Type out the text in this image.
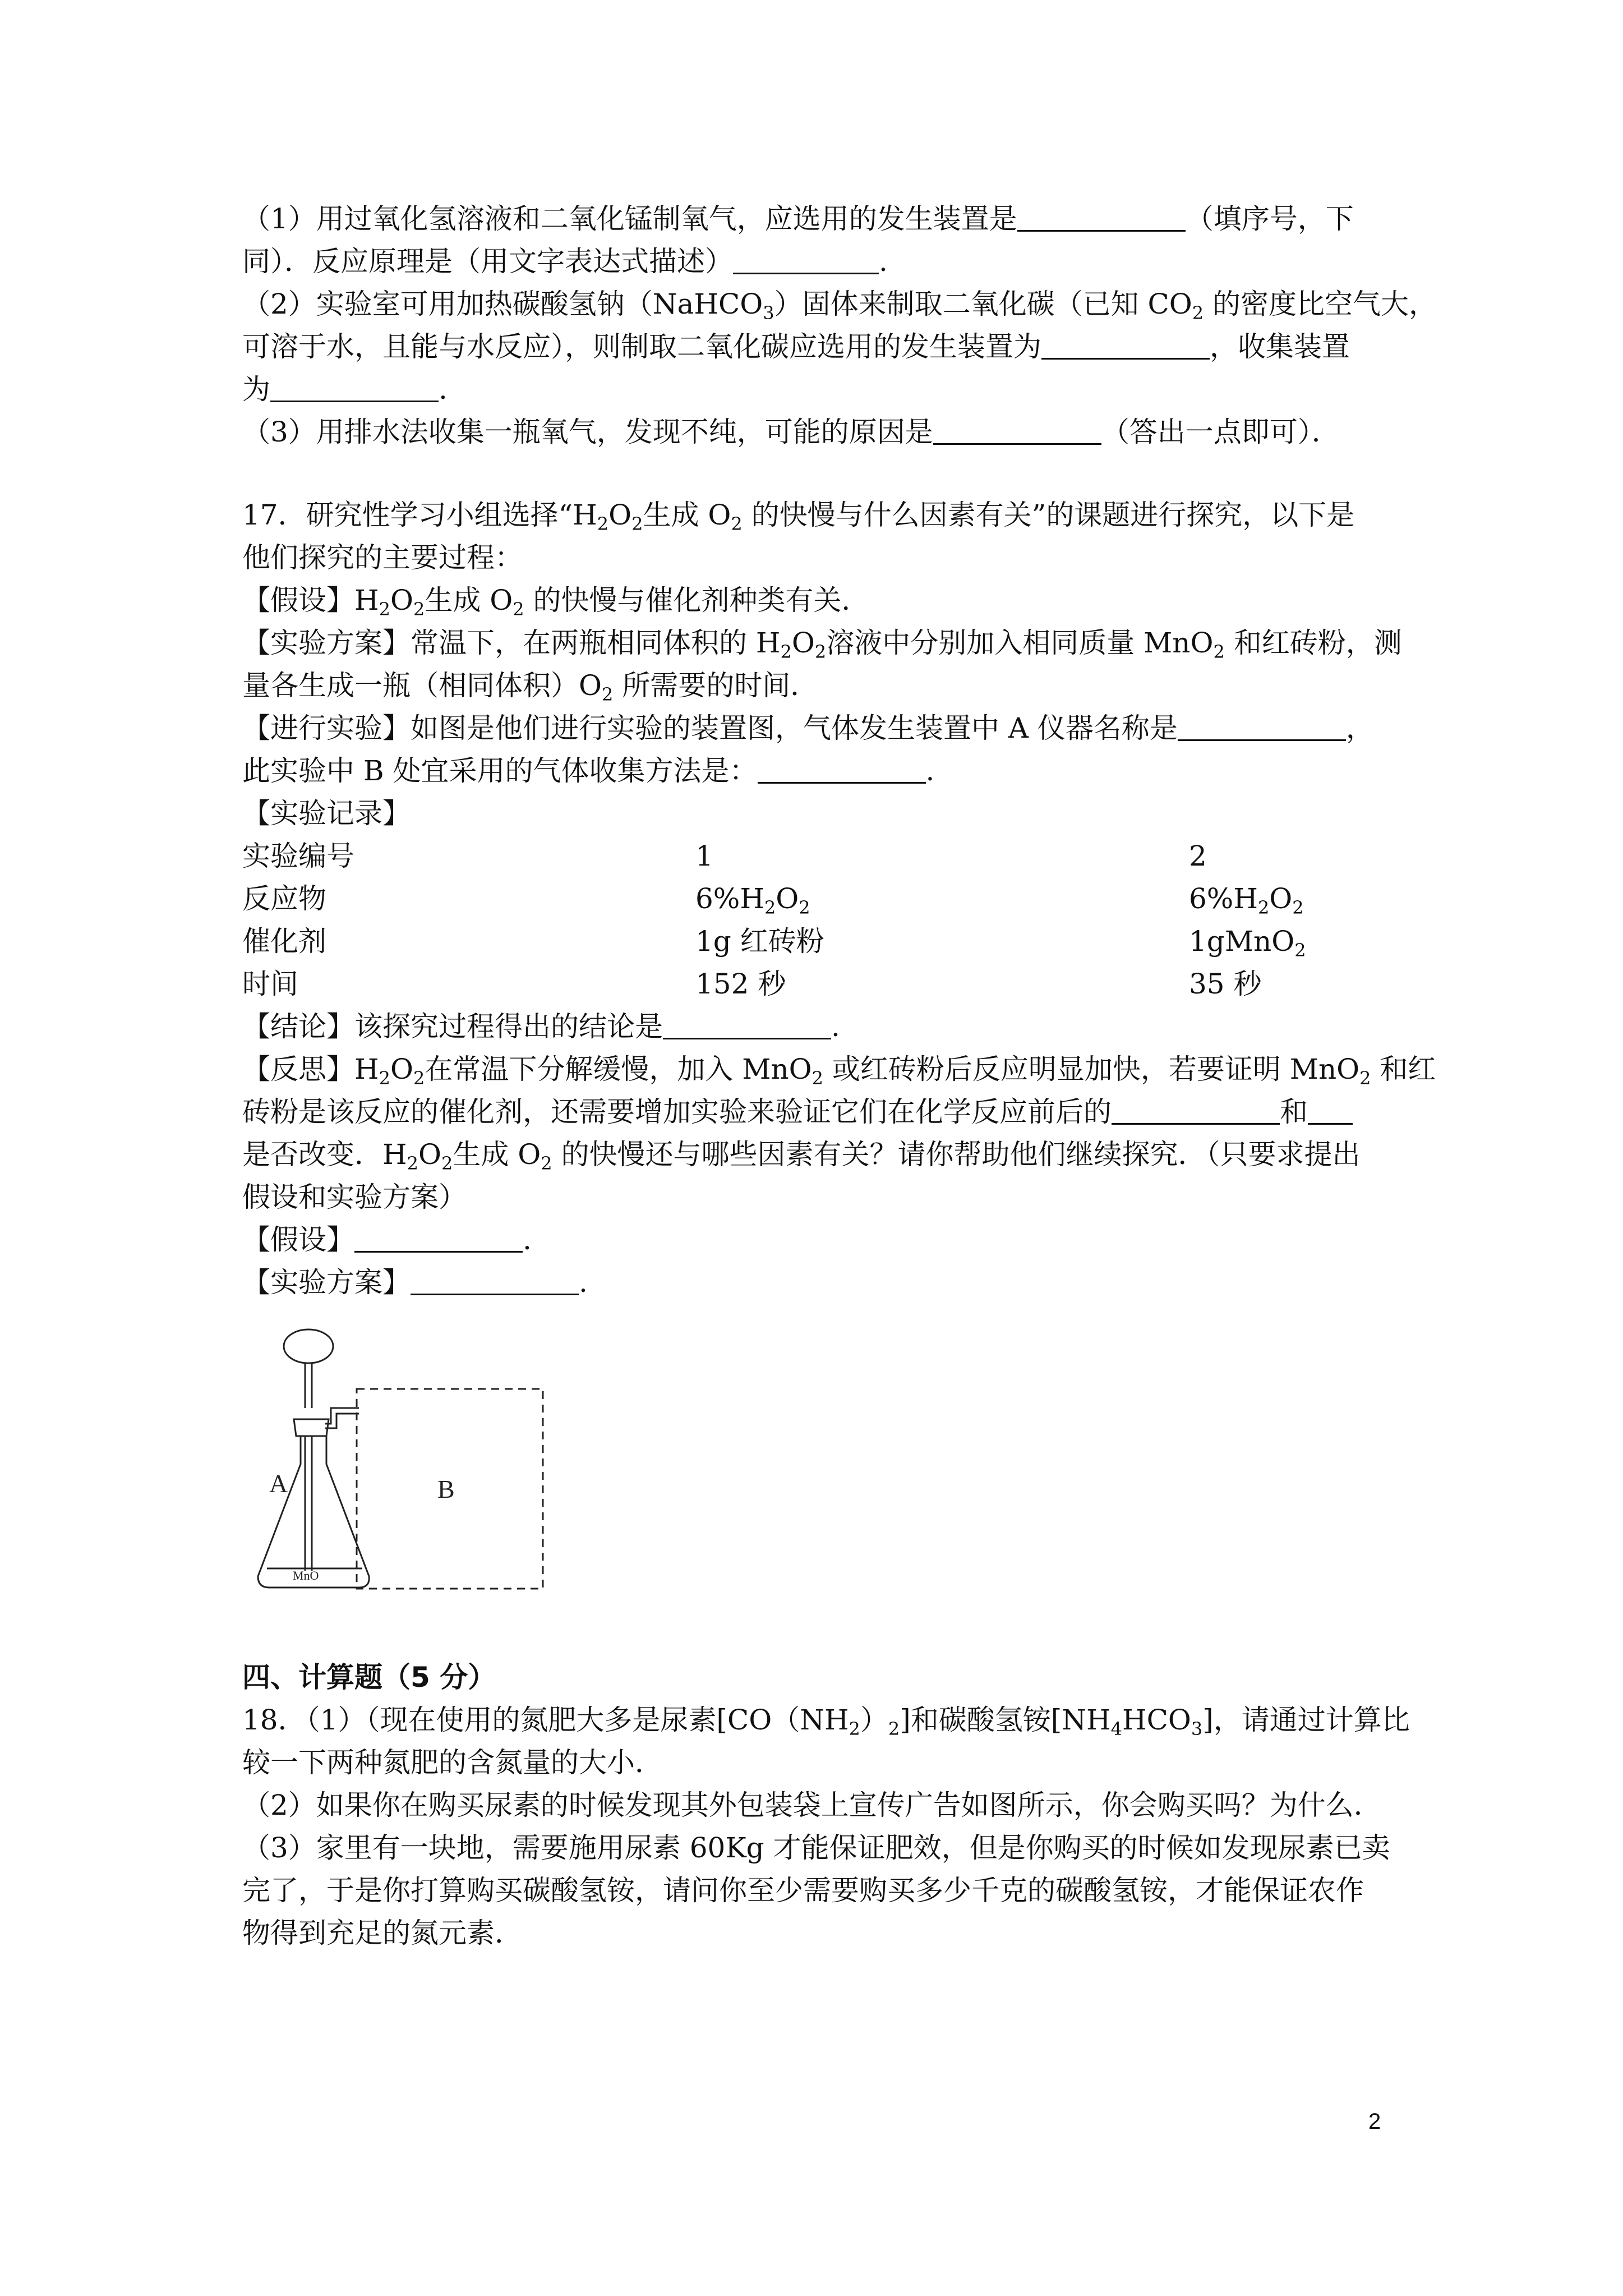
（1）用过氧化氢溶液和二氧化锰制氧气，应选用的发生装置是	（填序号，下

同）．反应原理是（用文字表达式描述）	.

（2）实验室可用加热碳酸氢钠（NaHCO$_3$）固体来制取二氧化碳（已知 $CO_2$ 的密度比空气大，

可溶于水，且能与水反应），则制取二氧化碳应选用的发生装置为	，收集装置

为	.

（3）用排水法收集一瓶氧气，发现不纯，可能的原因是	（答出一点即可）．

17．研究性学习小组选择“$H_2O_2$生成 $O_2$ 的快慢与什么因素有关”的课题进行探究，以下是

他们探究的主要过程：

【假设】$H_2O_2$生成 $O_2$ 的快慢与催化剂种类有关．

【实验方案】常温下，在两瓶相同体积的 $H_2O_2$溶液中分别加入相同质量 MnO$_2$ 和红砖粉，测

量各生成一瓶（相同体积）$O_2$ 所需要的时间．

【进行实验】如图是他们进行实验的装置图，气体发生装置中 A 仪器名称是	，

此实验中 B 处宜采用的气体收集方法是：	.

【实验记录】

实验编号	1	2
反应物	$6\%H_2O_2$	$6\%H_2O_2$
催化剂	1g 红砖粉	1gMnO$_2$
时间	152 秒	35 秒

【结论】该探究过程得出的结论是	.

【反思】$H_2O_2$在常温下分解缓慢，加入 MnO$_2$ 或红砖粉后反应明显加快，若要证明 MnO$_2$ 和红

砖粉是该反应的催化剂，还需要增加实验来验证它们在化学反应前后的	和

是否改变．$H_2O_2$生成 $O_2$ 的快慢还与哪些因素有关？请你帮助他们继续探究．（只要求提出

假设和实验方案）

【假设】	.

【实验方案】	.

A	B
MnO

四、计算题（5 分）

18．（1）（现在使用的氮肥大多是尿素$[CO(NH_2)_2]$和碳酸氢铵$[NH_4HCO_3]$，请通过计算比

较一下两种氮肥的含氮量的大小．

（2）如果你在购买尿素的时候发现其外包装袋上宣传广告如图所示，你会购买吗？为什么．

（3）家里有一块地，需要施用尿素 60Kg 才能保证肥效，但是你购买的时候如发现尿素已卖

完了，于是你打算购买碳酸氢铵，请问你至少需要购买多少千克的碳酸氢铵，才能保证农作

物得到充足的氮元素．

2
